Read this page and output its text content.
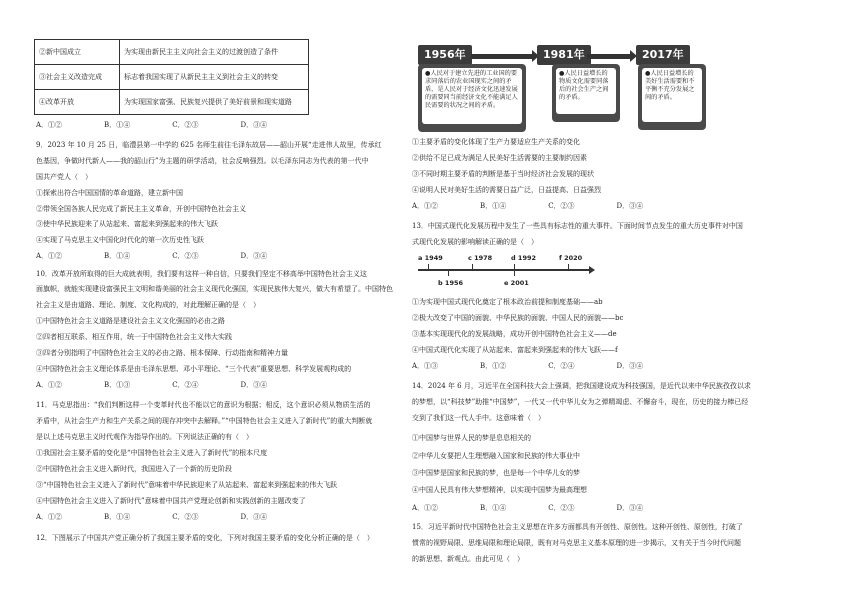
②新中国成立	为实现由新民主主义向社会主义的过渡创造了条件
③社会主义改造完成	标志着我国实现了从新民主主义到社会主义的转变
④改革开放	为实现国家富强、民族复兴提供了美好前景和现实道路
A．①②　　　　　　B．①④　　　　　　C．②③　　　　　　D．③④
9．2023 年 10 月 25 日，临澧县第一中学的 625 名师生前往毛泽东故居——韶山开展“走进伟人故里，传承红
色基因，争做时代新人——我的韶山行”为主题的研学活动，社会反响强烈。以毛泽东同志为代表的第一代中
国共产党人（　）
①探索出符合中国国情的革命道路，建立新中国
②带领全国各族人民完成了新民主主义革命，开创中国特色社会主义
③使中华民族迎来了从站起来、富起来到强起来的伟大飞跃
④实现了马克思主义中国化时代化的第一次历史性飞跃
A．①②　　　　　　B．①④　　　　　　C．②③　　　　　　D．③④
10．改革开放所取得的巨大成就表明，我们要有这样一种自信，只要我们坚定不移高举中国特色社会主义这
面旗帜，就能实现建设富强民主文明和谐美丽的社会主义现代化强国，实现民族伟大复兴，做大有希望了。中国特色
社会主义是由道路、理论、制度、文化构成的，对此理解正确的是（　）
①中国特色社会主义道路是建设社会主义文化强国的必由之路
②四者相互联系、相互作用，统一于中国特色社会主义伟大实践
③四者分别指明了中国特色社会主义的必由之路、根本保障、行动指南和精神力量
④中国特色社会主义理论体系是由毛泽东思想、邓小平理论、“三个代表”重要思想、科学发展观构成的
A．①②　　　　　　B．①③　　　　　　C．②④　　　　　　D．③④
11．马克思指出：“我们判断这样一个变革时代也不能以它的意识为根据；相反，这个意识必须从物质生活的
矛盾中，从社会生产力和生产关系之间的现存冲突中去解释。”“中国特色社会主义进入了新时代”的重大判断就
是以上述马克思主义时代观作为指导作出的。下列说法正确的有（　）
①我国社会主要矛盾的变化是“中国特色社会主义进入了新时代”的根本尺度
②中国特色社会主义进入新时代，我国进入了一个新的历史阶段
③“中国特色社会主义进入了新时代”意味着中华民族迎来了从站起来、富起来到强起来的伟大飞跃
④中国特色社会主义进入了新时代”意味着中国共产党理论创新和实践创新的主题改变了
A．①②　　　　　　B．①④　　　　　　C．②③　　　　　　D．③④
12．下图展示了中国共产党正确分析了我国主要矛盾的变化，下列对我国主要矛盾的变化分析正确的是（　）
1956年	1981年	2017年
●人民对于建立先进的工业国的要求同落后的农业国现实之间的矛盾，是人民对于经济文化迅速发展的需要同当前经济文化不能满足人民需要的状况之间的矛盾。
●人民日益增长的物质文化需要同落后的社会生产之间的矛盾。
●人民日益增长的美好生活需要和不平衡不充分发展之间的矛盾。
①主要矛盾的变化体现了生产力要适应生产关系的变化
②供给不足已成为满足人民美好生活需要的主要制约因素
③不同时期主要矛盾的判断是基于当时经济社会发展的现状
④说明人民对美好生活的需要日益广泛，日益提高、日益强烈
A．①②　　　　　　B．①④　　　　　　C．②③　　　　　　D．③④
13．中国式现代化发展历程中发生了一些具有标志性的重大事件。下面时间节点发生的重大历史事件对中国
式现代化发展的影响解读正确的是（　）
a 1949	c 1978	d 1992	f 2020
b 1956	e 2001
①为实现中国式现代化奠定了根本政治前提和制度基础——ab
②极大改变了中国的面貌、中华民族的面貌、中国人民的面貌——bc
③基本实现现代化的发展战略，成功开创中国特色社会主义——de
④中国式现代化实现了从站起来、富起来到强起来的伟大飞跃——f
A．①③　　　　　　B．①②　　　　　　C．②④　　　　　　D．③④
14．2024 年 6 月，习近平在全国科技大会上强调，把我国建设成为科技强国，是近代以来中华民族孜孜以求
的梦想，以“科技梦”助推“中国梦”，一代又一代中华儿女为之弹精竭虑、不懈奋斗，现在，历史的接力棒已经
交到了我们这一代人手中。这意味着（　）
①中国梦与世界人民的梦是息息相关的
②中华儿女要把人生理想融入国家和民族的伟大事业中
③中国梦是国家和民族的梦，也是每一个中华儿女的梦
④中国人民具有伟大梦想精神，以实现中国梦为最高理想
A．①②　　　　　　B．①④　　　　　　C．②③　　　　　　D．③④
15．习近平新时代中国特色社会主义思想在许多方面都具有开创性、原创性。这种开创性、原创性，打破了
惯常的视野局限、思维局限和理论局限，既有对马克思主义基本原理的进一步揭示，又有关于当今时代问题
的新思想、新观点。由此可见（　）
